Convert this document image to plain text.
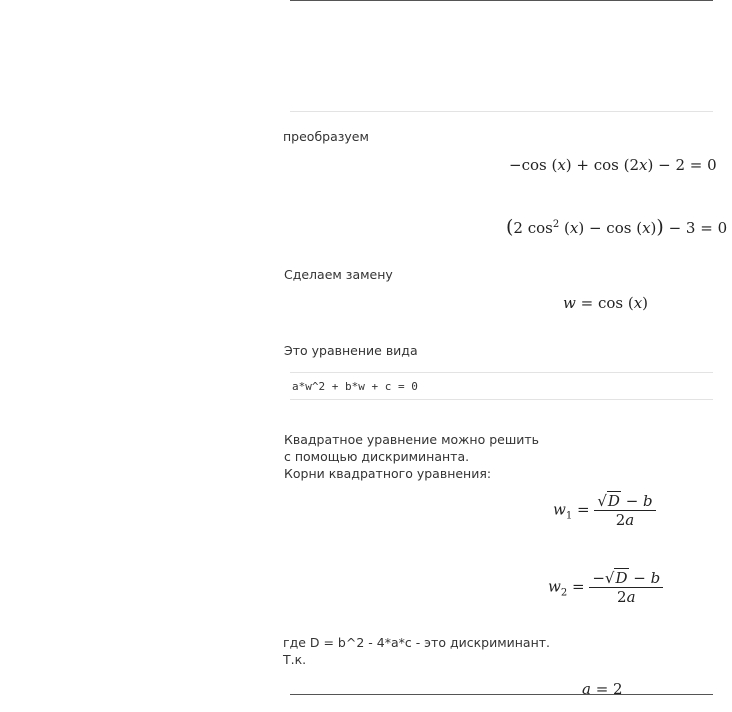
преобразуем
−cos (x) + cos (2x) − 2 = 0
(2 $\cos^2 (x) - \cos (x)) - 3 = 0$
Сделаем замену
w = cos (x)
Это уравнение вида
a*w^2 + b*w + c = 0
Квадратное уравнение можно решить
с помощью дискриминанта.
Корни квадратного уравнения:
$w_1 = \frac{√D - b}{2a}$
$w_2 = \frac{-√D - b}{2a}$
где D = b^2 - 4*a*c - это дискриминант.
Т.к.
a = 2
